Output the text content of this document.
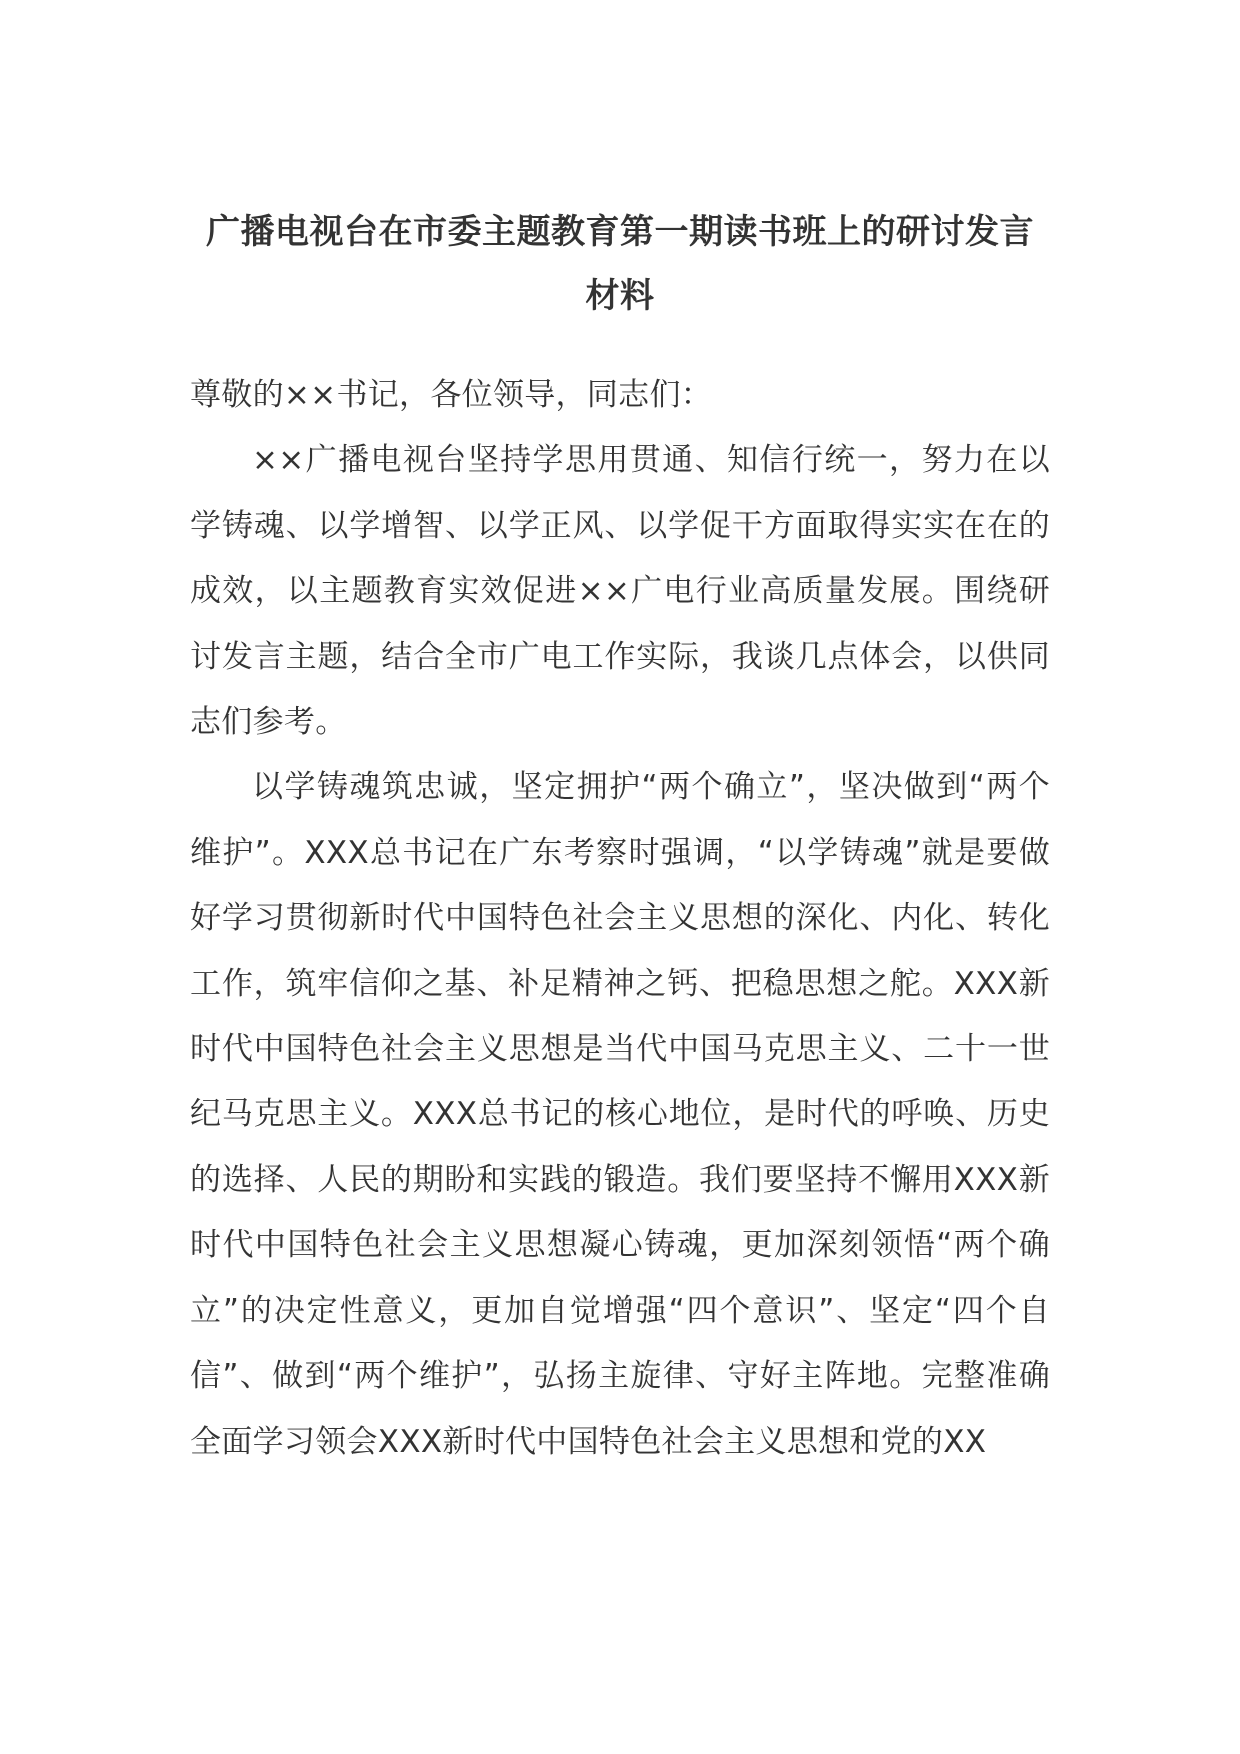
广播电视台在市委主题教育第一期读书班上的研讨发言材料

尊敬的××书记，各位领导，同志们：

××广播电视台坚持学思用贯通、知信行统一，努力在以学铸魂、以学增智、以学正风、以学促干方面取得实实在在的成效，以主题教育实效促进××广电行业高质量发展。围绕研讨发言主题，结合全市广电工作实际，我谈几点体会，以供同志们参考。

以学铸魂筑忠诚，坚定拥护“两个确立”，坚决做到“两个维护”。XXX总书记在广东考察时强调，“以学铸魂”就是要做好学习贯彻新时代中国特色社会主义思想的深化、内化、转化工作，筑牢信仰之基、补足精神之钙、把稳思想之舵。XXX新时代中国特色社会主义思想是当代中国马克思主义、二十一世纪马克思主义。XXX总书记的核心地位，是时代的呼唤、历史的选择、人民的期盼和实践的锻造。我们要坚持不懈用XXX新时代中国特色社会主义思想凝心铸魂，更加深刻领悟“两个确立”的决定性意义，更加自觉增强“四个意识”、坚定“四个自信”、做到“两个维护”，弘扬主旋律、守好主阵地。完整准确全面学习领会XXX新时代中国特色社会主义思想和党的XX
